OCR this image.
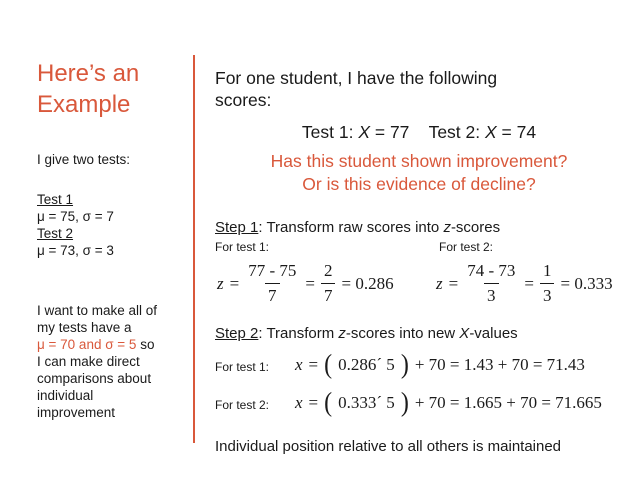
Here’s an
Example
I give two tests:
Test 1
μ = 75, σ = 7
Test 2
μ = 73, σ = 3
I want to make all of
my tests have a
μ = 70 and σ = 5 so
I can make direct
comparisons about
individual
improvement
For one student, I have the following
scores:
Test 1: X = 77 Test 2: X = 74
Has this student shown improvement?
Or is this evidence of decline?
Step 1: Transform raw scores into z-scores
For test 1:	For test 2:
$z = \frac{77 - 75}{7} = \frac{2}{7} = 0.286$ $z = \frac{74 - 73}{3} = \frac{1}{3} = 0.333$
Step 2: Transform z-scores into new X-values
For test 1: x = ( 0.286´ 5 ) + 70 = 1.43 + 70 = 71.43
For test 2: x = ( 0.333´ 5 ) + 70 = 1.665 + 70 = 71.665
Individual position relative to all others is maintained
